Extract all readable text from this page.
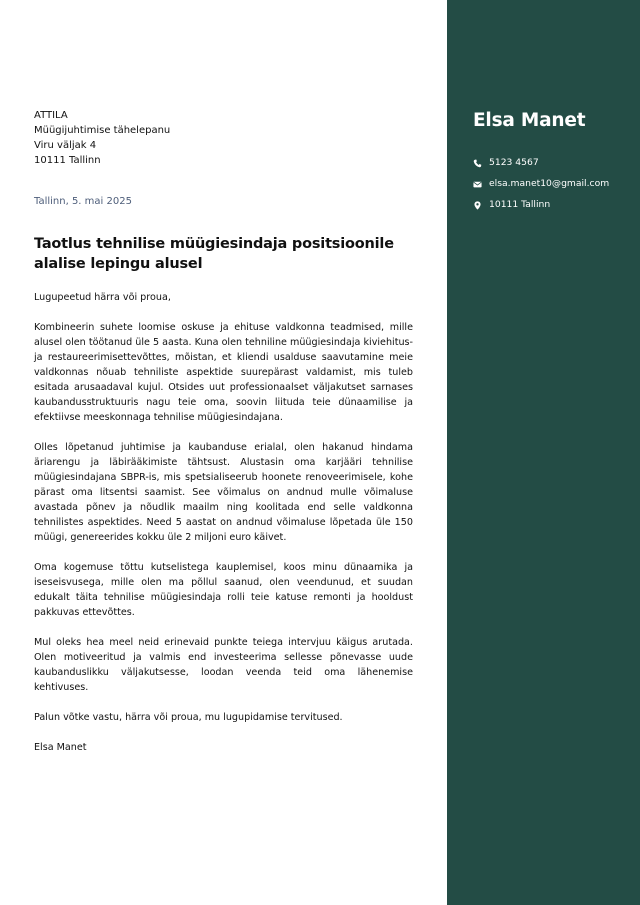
ATTILA
Müügijuhtimise tähelepanu
Viru väljak 4
10111 Tallinn
Tallinn, 5. mai 2025
Taotlus tehnilise müügiesindaja positsioonile alalise lepingu alusel

Lugupeetud härra või proua,

Kombineerin suhete loomise oskuse ja ehituse valdkonna teadmised, mille alusel olen töötanud üle 5 aasta. Kuna olen tehniline müügiesindaja kiviehitus- ja restaureerimisettevõttes, mõistan, et kliendi usalduse saavutamine meie valdkonnas nõuab tehniliste aspektide suurepärast valdamist, mis tuleb esitada arusaadaval kujul. Otsides uut professionaalset väljakutset sarnases kaubandusstruktuuris nagu teie oma, soovin liituda teie dünaamilise ja efektiivse meeskonnaga tehnilise müügiesindajana.

Olles lõpetanud juhtimise ja kaubanduse erialal, olen hakanud hindama äriarengu ja läbirääkimiste tähtsust. Alustasin oma karjääri tehnilise müügiesindajana SBPR-is, mis spetsialiseerub hoonete renoveerimisele, kohe pärast oma litsentsi saamist. See võimalus on andnud mulle võimaluse avastada põnev ja nõudlik maailm ning koolitada end selle valdkonna tehnilistes aspektides. Need 5 aastat on andnud võimaluse lõpetada üle 150 müügi, genereerides kokku üle 2 miljoni euro käivet.

Oma kogemuse tõttu kutselistega kauplemisel, koos minu dünaamika ja iseseisvusega, mille olen ma põllul saanud, olen veendunud, et suudan edukalt täita tehnilise müügiesindaja rolli teie katuse remonti ja hooldust pakkuvas ettevõttes.

Mul oleks hea meel neid erinevaid punkte teiega intervjuu käigus arutada. Olen motiveeritud ja valmis end investeerima sellesse põnevasse uude kaubanduslikku väljakutsesse, loodan veenda teid oma lähenemise kehtivuses.

Palun võtke vastu, härra või proua, mu lugupidamise tervitused.

Elsa Manet

Elsa Manet
5123 4567
elsa.manet10@gmail.com
10111 Tallinn
